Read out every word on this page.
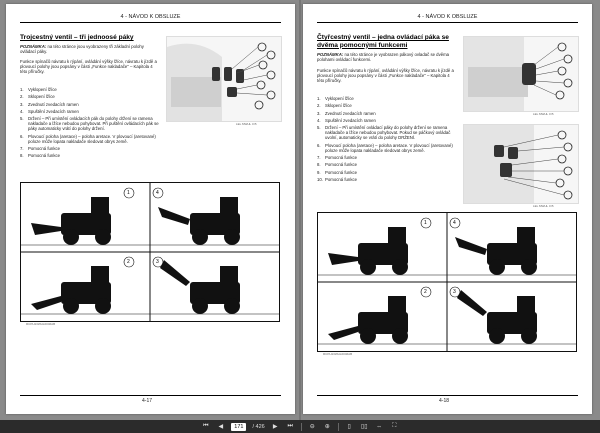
4 - NÁVOD K OBSLUZE
Trojcestný ventil – tři jednoosé páky
POZNÁMKA: na této stránce jsou vyobrazeny tři základní polohy ovládací páky.
Funkce spínačů návratu k rýpání, ovládání výšky lžíce, návratu k jízdě a plovoucí polohy jsou popsány v části „Funkce nakladače" – Kapitola 4 této příručky.
1. Vyklopení lžíce
2. Sklopení lžíce
3. Zvednutí zvedacích ramen
4. Spuštění zvedacích ramen
5. Držení – Při umístění ovládacích pák do polohy držení se ramena nakladače a lžíce nebudou pohybovat. Při puštění ovládacích pák se páky automaticky vrátí do polohy držení.
6. Plovoucí poloha (aretace) – poloha aretace. V plovoucí (aretované) poloze může lopata nakladače sledovat obrys země.
7. Pomocná funkce
8. Pomocná funkce
LEL MWHL 0 B
1	4
2	3
RCPH13WHL0046AB
4-17
4 - NÁVOD K OBSLUZE
Čtyřcestný ventil – jedna ovládací páka se dvěma pomocnými funkcemi
POZNÁMKA: na této stránce je vyobrazen pákový ovladač se dvěma polohami ovládací funkcemi.
Funkce spínačů návratu k rýpání, ovládání výšky lžíce, návratu k jízdě a plovoucí polohy jsou popsány v části „Funkce nakladače" – Kapitola 4 této příručky.
1. Vyklopení lžíce
2. Sklopení lžíce
3. Zvednutí zvedacích ramen
4. Spuštění zvedacích ramen
5. Držení – Při umístění ovládací páky do polohy držení se ramena nakladače a lžíce nebudou pohybovat. Pokud se páčkový ovládač uvolní, automaticky se vrátí do polohy DRŽENÍ.
6. Plovoucí poloha (aretace) – poloha aretace. V plovoucí (aretované) poloze může lopata nakladače sledovat obrys země.
7. Pomocná funkce
8. Pomocná funkce
9. Pomocná funkce
10. Pomocná funkce
LEL MWHL 0 B
LEL MWHL 0 B
1	4
2	3
RCPH13WHL0046AB
4-18
⏮	◀	171	/ 426	▶	⏭	⊖	⊕	▯	▯▯ ⇔	⛶
